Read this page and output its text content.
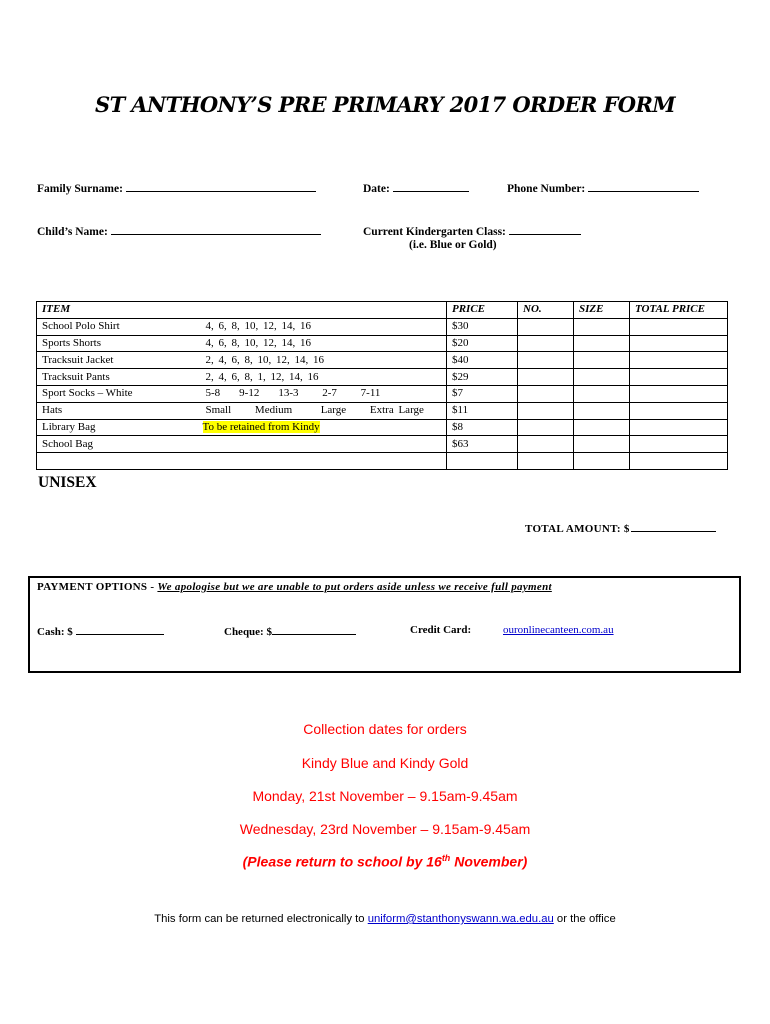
ST ANTHONY’S PRE PRIMARY 2017 ORDER FORM
Family Surname:	Date:	Phone Number:
Child’s Name:	Current Kindergarten Class:
(i.e. Blue or Gold)
ITEM		PRICE	NO.	SIZE	TOTAL PRICE
School Polo Shirt	4, 6, 8, 10, 12, 14, 16	$30			
Sports Shorts	4, 6, 8, 10, 12, 14, 16	$20			
Tracksuit Jacket	2, 4, 6, 8, 10, 12, 14, 16	$40			
Tracksuit Pants	2, 4, 6, 8, 1, 12, 14, 16	$29			
Sport Socks – White	5-8    9-12    13-3     2-7     7-11	$7			
Hats	Small     Medium      Large     Extra Large	$11			
Library Bag	To be retained from Kindy	$8			
School Bag		$63			

UNISEX
TOTAL AMOUNT: $
PAYMENT OPTIONS - We apologise but we are unable to put orders aside unless we receive full payment
Cash: $	Cheque: $	Credit Card:	ouronlinecanteen.com.au
Collection dates for orders
Kindy Blue and Kindy Gold
Monday, 21st November – 9.15am-9.45am
Wednesday, 23rd November – 9.15am-9.45am
(Please return to school by 16th November)
This form can be returned electronically to uniform@stanthonyswann.wa.edu.au or the office
